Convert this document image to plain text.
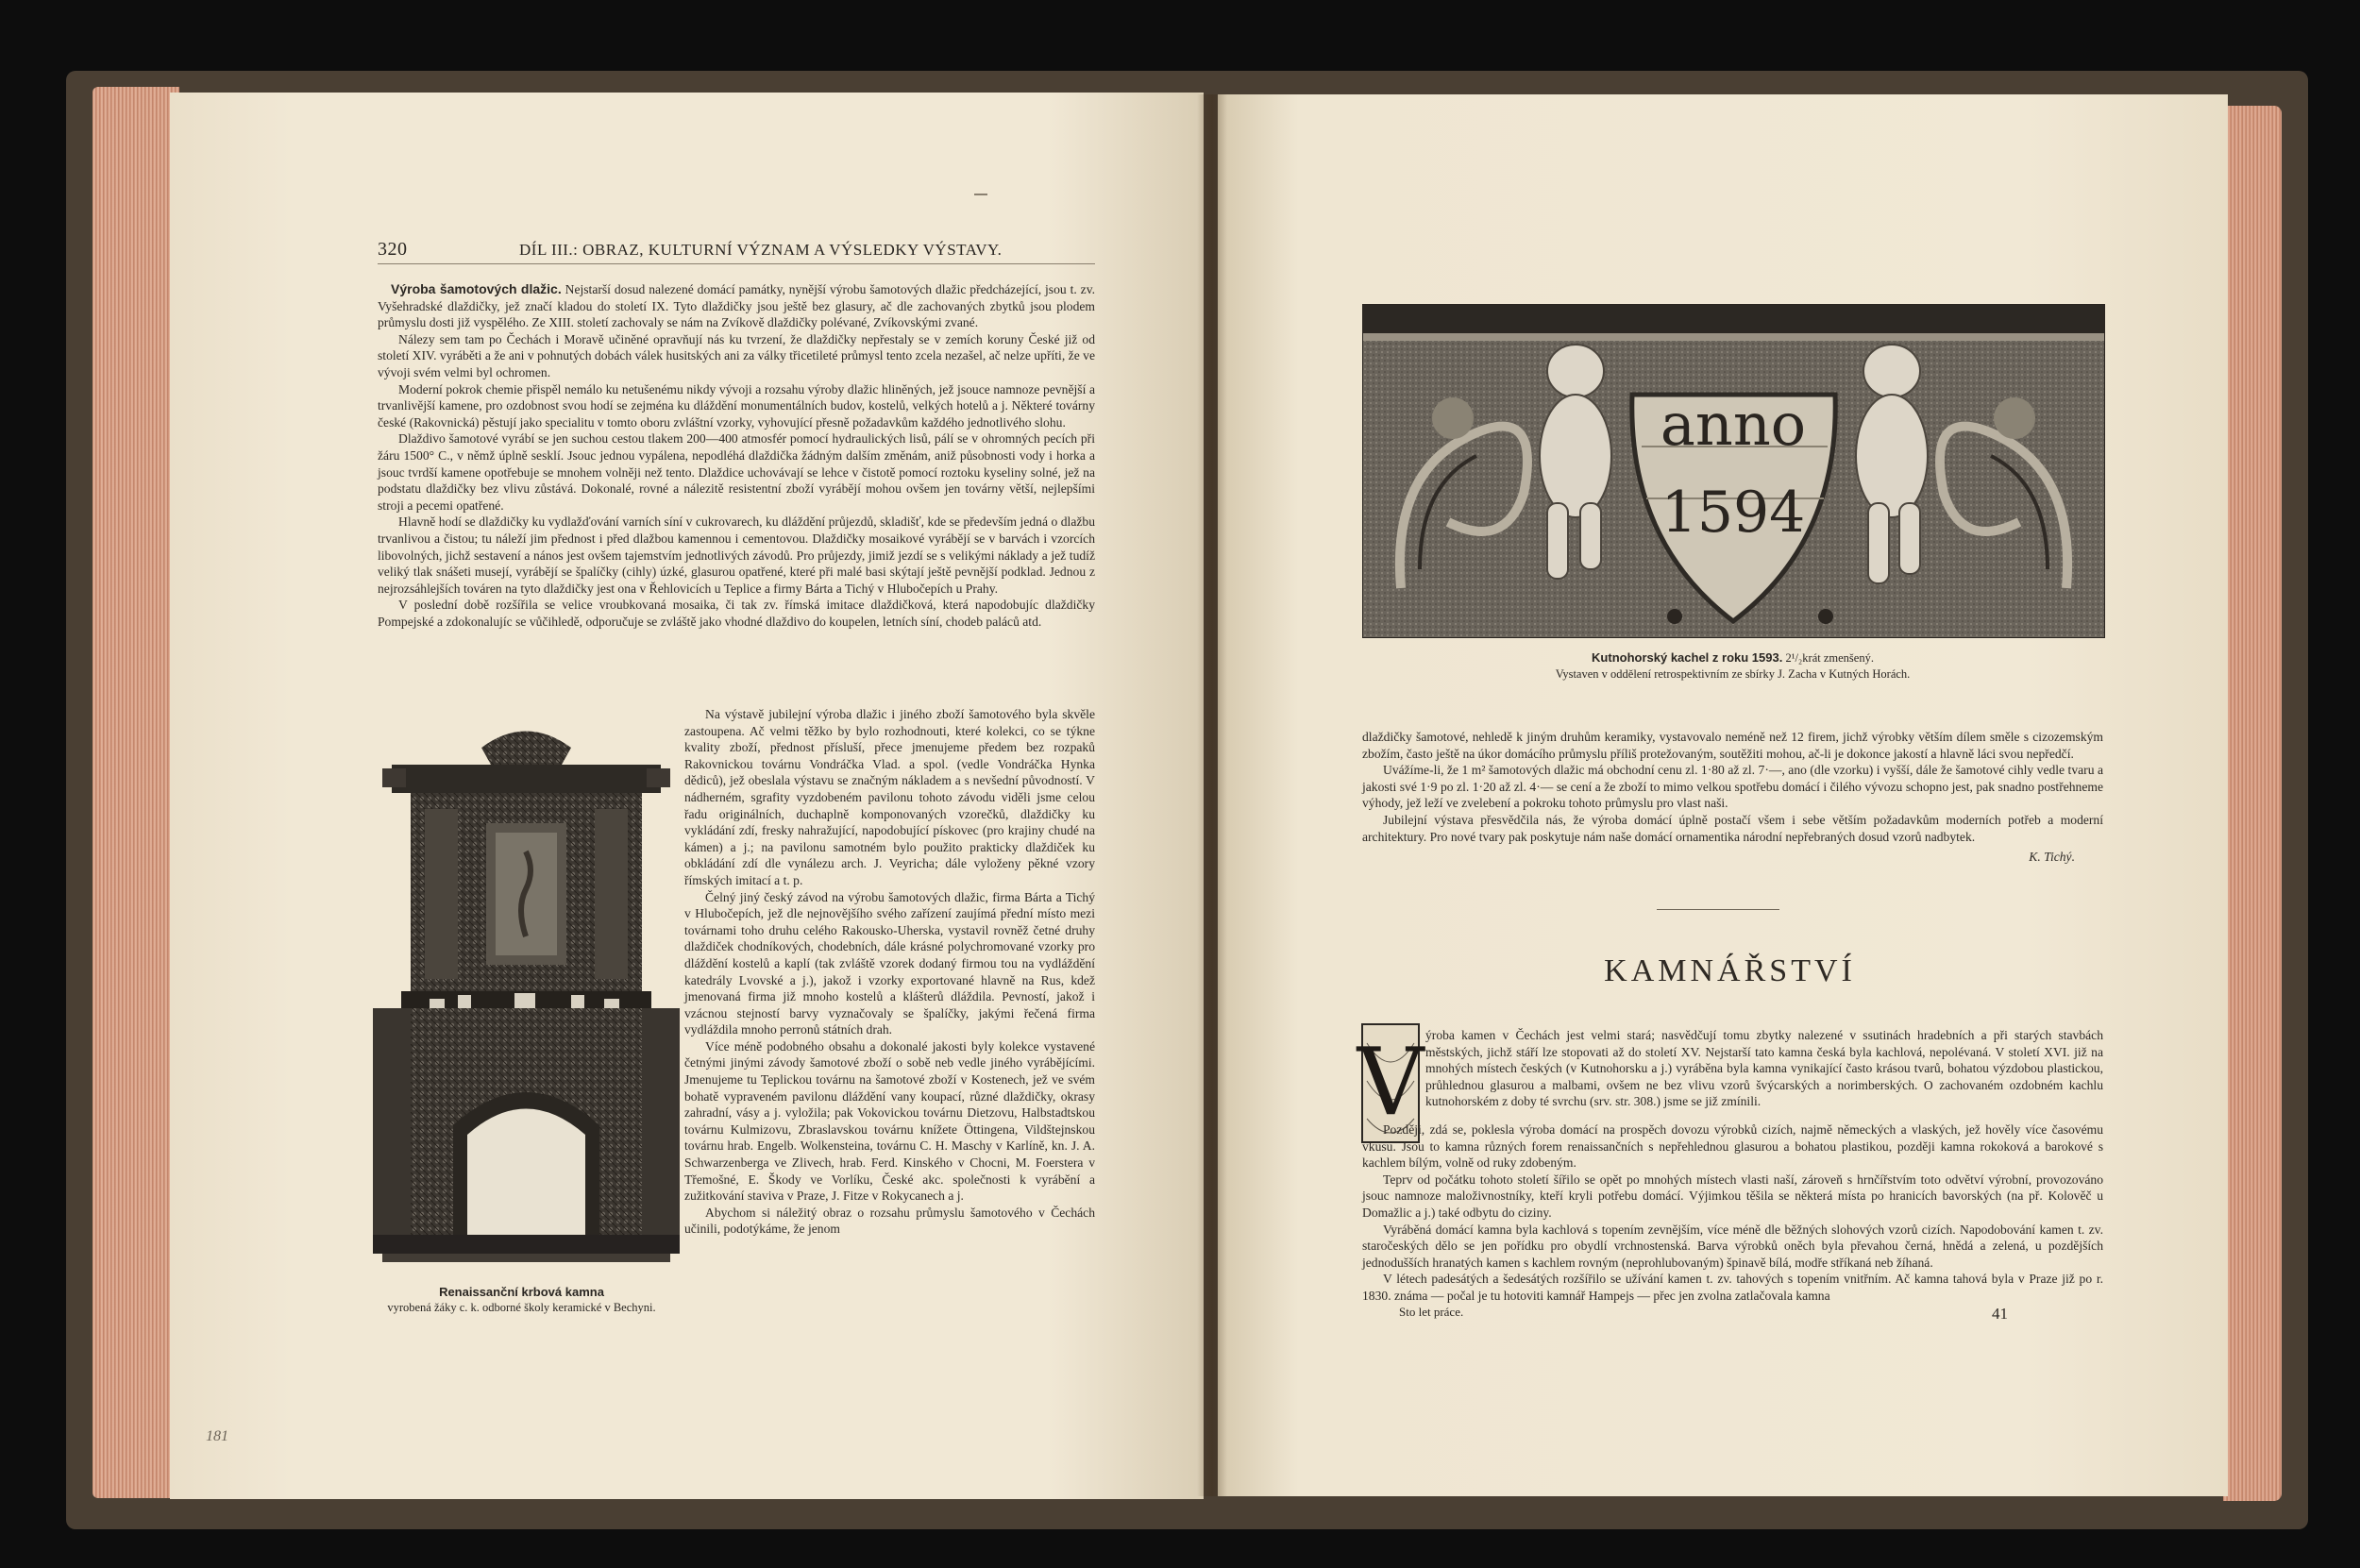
320	DÍL III.: OBRAZ, KULTURNÍ VÝZNAM A VÝSLEDKY VÝSTAVY.

Výroba šamotových dlažic. Nejstarší dosud nalezené domácí památky, nynější výrobu šamotových dlažic předcházející, jsou t. zv. Vyšehradské dlaždičky, jež značí kladou do století IX. Tyto dlaždičky jsou ještě bez glasury, ač dle zachovaných zbytků jsou plodem průmyslu dosti již vyspělého. Ze XIII. století zachovaly se nám na Zvíkově dlaždičky polévané, Zvíkovskými zvané.

Nálezy sem tam po Čechách i Moravě učiněné opravňují nás ku tvrzení, že dlaždičky nepřestaly se v zemích koruny České již od století XIV. vyráběti a že ani v pohnutých dobách válek husitských ani za války třicetileté průmysl tento zcela nezašel, ač nelze upříti, že ve vývoji svém velmi byl ochromen.

Moderní pokrok chemie přispěl nemálo ku netušenému nikdy vývoji a rozsahu výroby dlažic hliněných, jež jsouce namnoze pevnější a trvanlivější kamene, pro ozdobnost svou hodí se zejména ku dláždění monumentálních budov, kostelů, velkých hotelů a j. Některé továrny české (Rakovnická) pěstují jako specialitu v tomto oboru zvláštní vzorky, vyhovující přesně požadavkům každého jednotlivého slohu.

Dlaždivo šamotové vyrábí se jen suchou cestou tlakem 200—400 atmosfér pomocí hydraulických lisů, pálí se v ohromných pecích při žáru 1500° C., v němž úplně sesklí. Jsouc jednou vypálena, nepodléhá dlaždička žádným dalším změnám, aniž působnosti vody i horka a jsouc tvrdší kamene opotřebuje se mnohem volněji než tento. Dlaždice uchovávají se lehce v čistotě pomocí roztoku kyseliny solné, jež na podstatu dlaždičky bez vlivu zůstává. Dokonalé, rovné a nálezitě resistentní zboží vyrábějí mohou ovšem jen továrny větší, nejlepšími stroji a pecemi opatřené.

Hlavně hodí se dlaždičky ku vydlažďování varních síní v cukrovarech, ku dláždění průjezdů, skladišť, kde se především jedná o dlažbu trvanlivou a čistou; tu náleží jim přednost i před dlažbou kamennou i cementovou. Dlaždičky mosaikové vyrábějí se v barvách i vzorcích libovolných, jichž sestavení a nános jest ovšem tajemstvím jednotlivých závodů. Pro průjezdy, jimiž jezdí se s velikými náklady a jež tudíž veliký tlak snášeti musejí, vyrábějí se špalíčky (cihly) úzké, glasurou opatřené, které při malé basi skýtají ještě pevnější podklad. Jednou z nejrozsáhlejších továren na tyto dlaždičky jest ona v Řehlovicích u Teplice a firmy Bárta a Tichý v Hlubočepích u Prahy.

V poslední době rozšířila se velice vroubkovaná mosaika, či tak zv. římská imitace dlaždičková, která napodobujíc dlaždičky Pompejské a zdokonalujíc se vůčihledě, odporučuje se zvláště jako vhodné dlaždivo do koupelen, letních síní, chodeb paláců atd.

Na výstavě jubilejní výroba dlažic i jiného zboží šamotového byla skvěle zastoupena. Ač velmi těžko by bylo rozhodnouti, které kolekci, co se týkne kvality zboží, přednost přísluší, přece jmenujeme předem bez rozpaků Rakovnickou továrnu Vondráčka Vlad. a spol. (vedle Vondráčka Hynka dědiců), jež obeslala výstavu se značným nákladem a s nevšední původností. V nádherném, sgrafity vyzdobeném pavilonu tohoto závodu viděli jsme celou řadu originálních, duchaplně komponovaných vzorečků, dlaždičky ku vykládání zdí, fresky nahražující, napodobující pískovec (pro krajiny chudé na kámen) a j.; na pavilonu samotném bylo použito prakticky dlaždiček ku obkládání zdí dle vynálezu arch. J. Veyricha; dále vyloženy pěkné vzory římských imitací a t. p.

Čelný jiný český závod na výrobu šamotových dlažic, firma Bárta a Tichý v Hlubočepích, jež dle nejnovějšího svého zařízení zaujímá přední místo mezi továrnami toho druhu celého Rakousko-Uherska, vystavil rovněž četné druhy dlaždiček chodníkových, chodebních, dále krásné polychromované vzorky pro dláždění kostelů a kaplí (tak zvláště vzorek dodaný firmou tou na vydláždění katedrály Lvovské a j.), jakož i vzorky exportované hlavně na Rus, kdež jmenovaná firma již mnoho kostelů a klášterů dláždila. Pevností, jakož i vzácnou stejností barvy vyznačovaly se špalíčky, jakými řečená firma vydláždila mnoho perronů státních drah.

Více méně podobného obsahu a dokonalé jakosti byly kolekce vystavené četnými jinými závody šamotové zboží o sobě neb vedle jiného vyrábějícími. Jmenujeme tu Teplickou továrnu na šamotové zboží v Kostenech, jež ve svém bohatě vypraveném pavilonu dláždění vany koupací, různé dlaždičky, okrasy zahradní, vásy a j. vyložila; pak Vokovickou továrnu Dietzovu, Halbstadtskou továrnu Kulmizovu, Zbraslavskou továrnu knížete Öttingena, Vildštejnskou továrnu hrab. Engelb. Wolkensteina, továrnu C. H. Maschy v Karlíně, kn. J. A. Schwarzenberga ve Zlivech, hrab. Ferd. Kinského v Chocni, M. Foerstera v Třemošné, E. Škody ve Vorlíku, České akc. společnosti k vyrábění a zužitkování staviva v Praze, J. Fitze v Rokycanech a j.

Abychom si náležitý obraz o rozsahu průmyslu šamotového v Čechách učinili, podotýkáme, že jenom

Renaissanční krbová kamna
vyrobená žáky c. k. odborné školy keramické v Bechyni.
181
anno
1594
Kutnohorský kachel z roku 1593. 2¹/₂krát zmenšený.
Vystaven v oddělení retrospektivním ze sbírky J. Zacha v Kutných Horách.

dlaždičky šamotové, nehledě k jiným druhům keramiky, vystavovalo neméně než 12 firem, jichž výrobky větším dílem směle s cizozemským zbožím, často ještě na úkor domácího průmyslu příliš protežovaným, soutěžiti mohou, ač-li je dokonce jakostí a hlavně láci svou nepředčí.

Uvážíme-li, že 1 m² šamotových dlažic má obchodní cenu zl. 1·80 až zl. 7·—, ano (dle vzorku) i vyšší, dále že šamotové cihly vedle tvaru a jakosti své 1·9 po zl. 1·20 až zl. 4·— se cení a že zboží to mimo velkou spotřebu domácí i čilého vývozu schopno jest, pak snadno postřehneme výhody, jež leží ve zvelebení a pokroku tohoto průmyslu pro vlast naši.

Jubilejní výstava přesvědčila nás, že výroba domácí úplně postačí všem i sebe větším požadavkům moderních potřeb a moderní architektury. Pro nové tvary pak poskytuje nám naše domácí ornamentika národní nepřebraných dosud vzorů nadbytek.

K. Tichý.
KAMNÁŘSTVÍ
V ýroba kamen v Čechách jest velmi stará; nasvědčují tomu zbytky nalezené v ssutinách hradebních a při starých stavbách městských, jichž stáří lze stopovati až do století XV. Nejstarší tato kamna česká byla kachlová, nepolévaná. V století XVI. již na mnohých místech českých (v Kutnohorsku a j.) vyráběna byla kamna vynikající často krásou tvarů, bohatou výzdobou plastickou, průhlednou glasurou a malbami, ovšem ne bez vlivu vzorů švýcarských a norimberských. O zachovaném ozdobném kachlu kutnohorském z doby té svrchu (srv. str. 308.) jsme se již zmínili.

Později, zdá se, poklesla výroba domácí na prospěch dovozu výrobků cizích, najmě německých a vlaských, jež hověly více časovému vkusu. Jsou to kamna různých forem renaissančních s nepřehlednou glasurou a bohatou plastikou, později kamna rokoková a barokové s kachlem bílým, volně od ruky zdobeným.

Teprv od počátku tohoto století šířilo se opět po mnohých místech vlasti naší, zároveň s hrnčířstvím toto odvětví výrobní, provozováno jsouc namnoze maloživnostníky, kteří kryli potřebu domácí. Výjimkou těšila se některá místa po hranicích bavorských (na př. Kolověč u Domažlic a j.) také odbytu do ciziny.

Vyráběná domácí kamna byla kachlová s topením zevnějším, více méně dle běžných slohových vzorů cizích. Napodobování kamen t. zv. staročeských dělo se jen pořídku pro obydlí vrchnostenská. Barva výrobků oněch byla převahou černá, hnědá a zelená, u pozdějších jednodušších hranatých kamen s kachlem rovným (neprohlubovaným) špinavě bílá, modře stříkaná neb žíhaná.

V létech padesátých a šedesátých rozšířilo se užívání kamen t. zv. tahových s topením vnitřním. Ač kamna tahová byla v Praze již po r. 1830. známa — počal je tu hotoviti kamnář Hampejs — přec jen zvolna zatlačovala kamna

Sto let práce.	41
